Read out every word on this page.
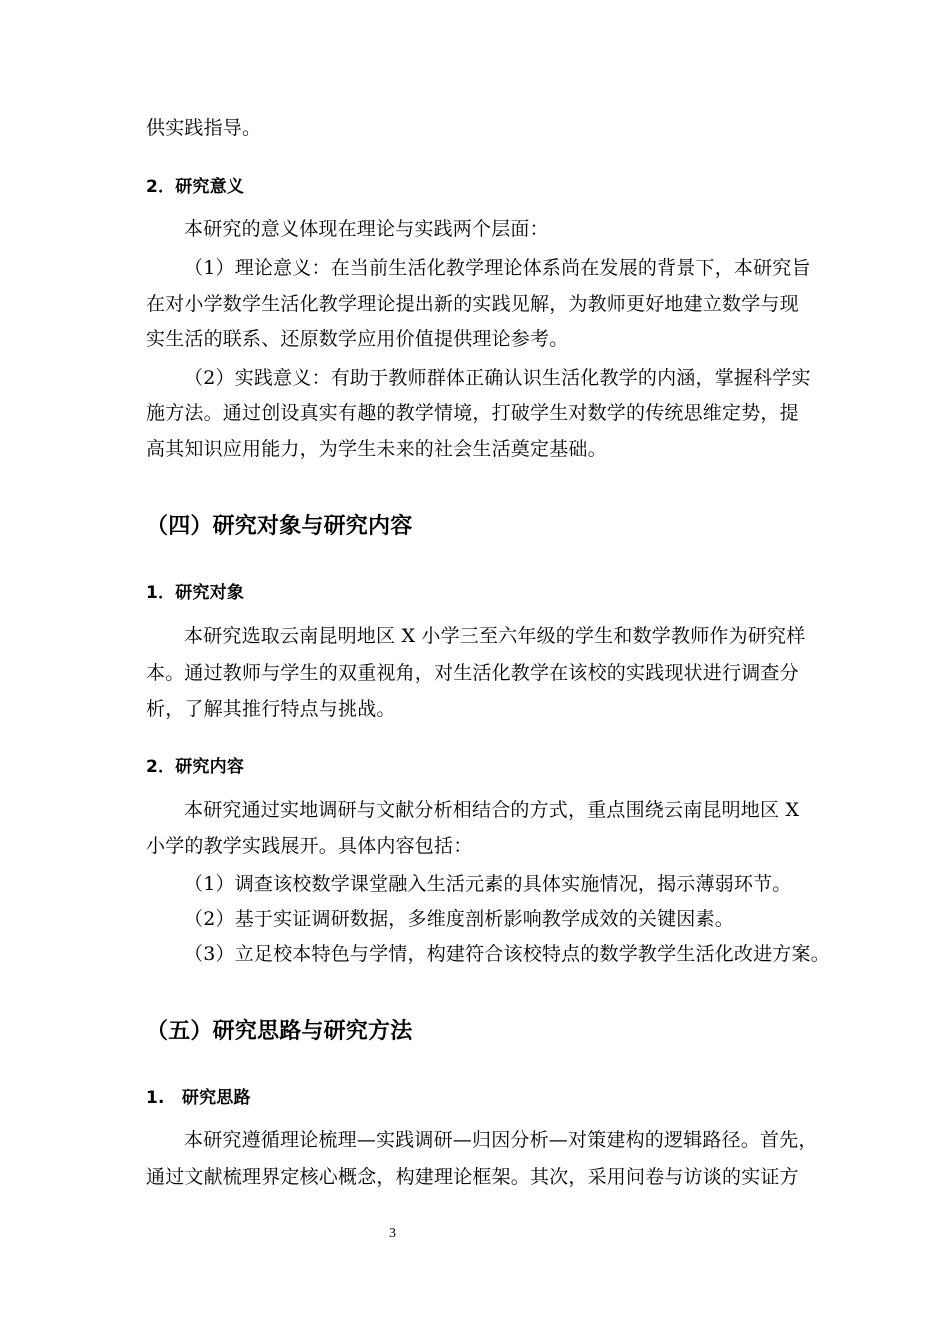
供实践指导。
2．研究意义
本研究的意义体现在理论与实践两个层面：
（1）理论意义：在当前生活化教学理论体系尚在发展的背景下，本研究旨
在对小学数学生活化教学理论提出新的实践见解，为教师更好地建立数学与现
实生活的联系、还原数学应用价值提供理论参考。
（2）实践意义：有助于教师群体正确认识生活化教学的内涵，掌握科学实
施方法。通过创设真实有趣的教学情境，打破学生对数学的传统思维定势，提
高其知识应用能力，为学生未来的社会生活奠定基础。
（四）研究对象与研究内容
1．研究对象
本研究选取云南昆明地区 X 小学三至六年级的学生和数学教师作为研究样
本。通过教师与学生的双重视角，对生活化教学在该校的实践现状进行调查分
析，了解其推行特点与挑战。
2．研究内容
本研究通过实地调研与文献分析相结合的方式，重点围绕云南昆明地区 X
小学的教学实践展开。具体内容包括：
（1）调查该校数学课堂融入生活元素的具体实施情况，揭示薄弱环节。
（2）基于实证调研数据，多维度剖析影响教学成效的关键因素。
（3）立足校本特色与学情，构建符合该校特点的数学教学生活化改进方案。
（五）研究思路与研究方法
1.　研究思路
本研究遵循理论梳理—实践调研—归因分析—对策建构的逻辑路径。首先，
通过文献梳理界定核心概念，构建理论框架。其次，采用问卷与访谈的实证方
3
